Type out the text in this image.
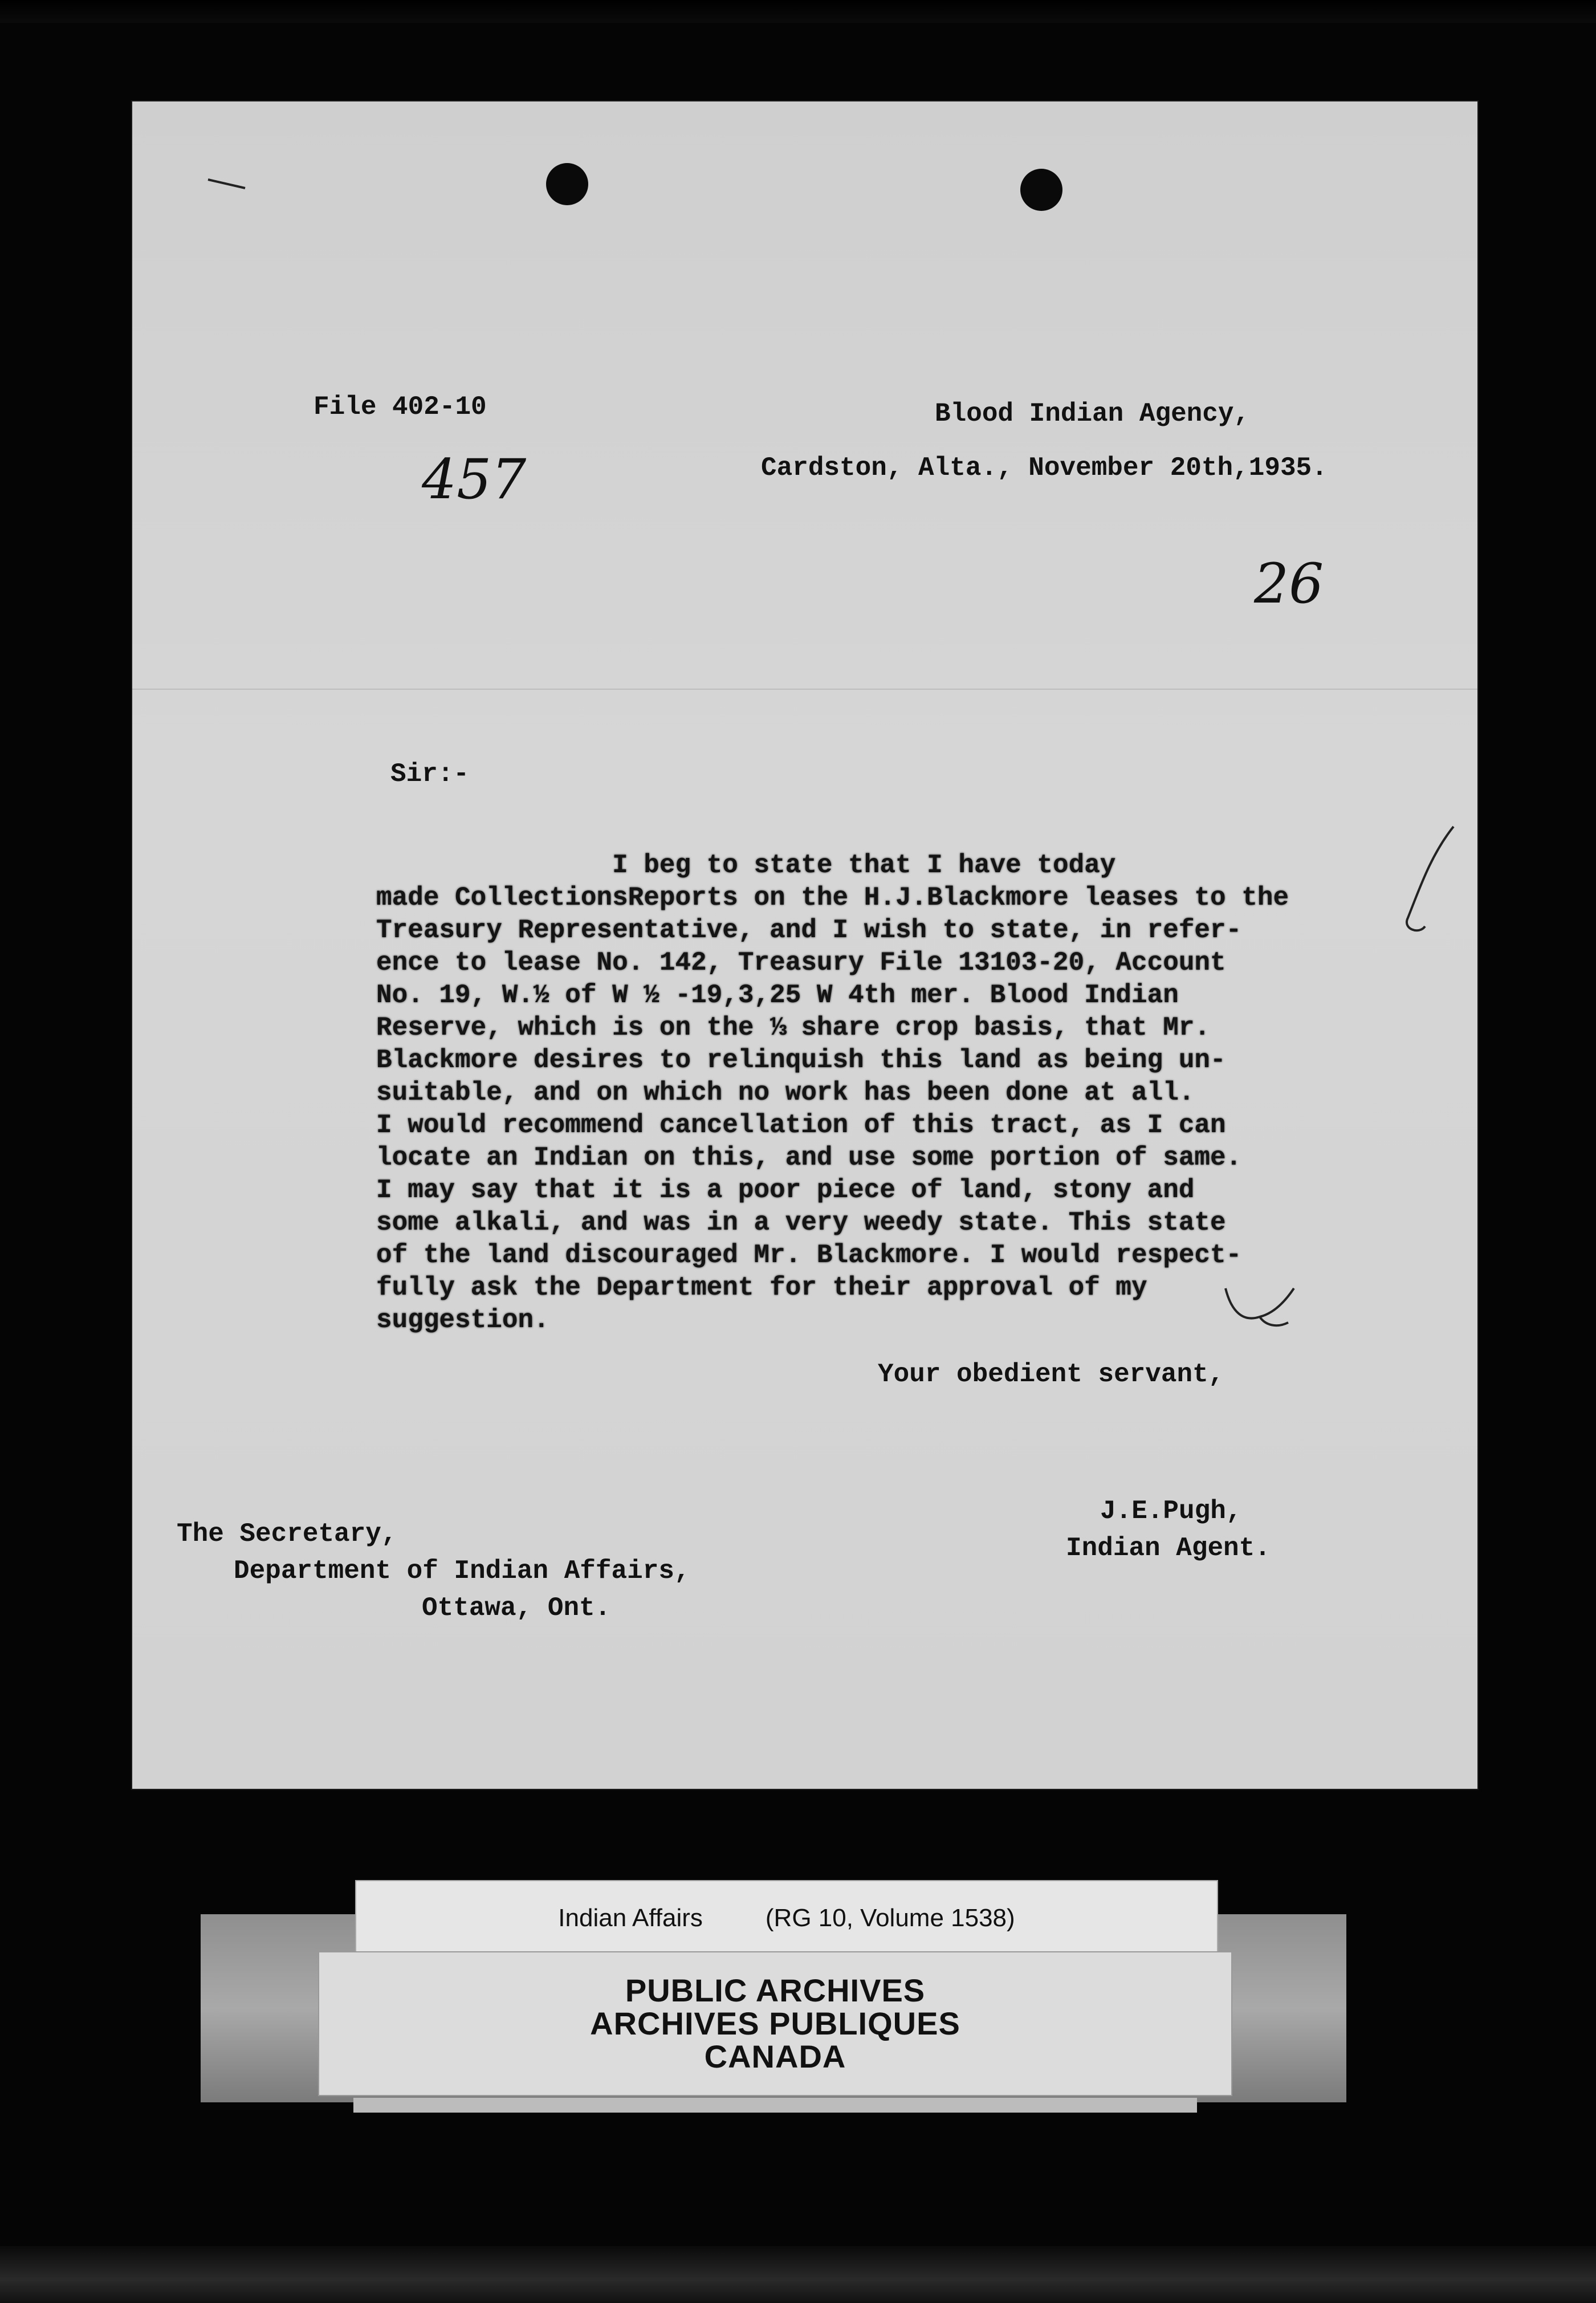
File 402-10
457
Blood Indian Agency,
Cardston, Alta., November 20th,1935.
26
Sir:-
I beg to state that I have today
made CollectionsReports on the H.J.Blackmore leases to the
Treasury Representative, and I wish to state, in refer-
ence to lease No. 142, Treasury File 13103-20, Account
No. 19, W.½ of W ½ -19,3,25 W 4th mer. Blood Indian
Reserve, which is on the ⅓ share crop basis, that Mr.
Blackmore desires to relinquish this land as being un-
suitable, and on which no work has been done at all.
I would recommend cancellation of this tract, as I can
locate an Indian on this, and use some portion of same.
I may say that it is a poor piece of land, stony and
some alkali, and was in a very weedy state. This state
of the land discouraged Mr. Blackmore. I would respect-
fully ask the Department for their approval of my
suggestion.
Your obedient servant,
J.E.Pugh,
Indian Agent.
The Secretary,
Department of Indian Affairs,
Ottawa, Ont.
Indian Affairs	(RG 10, Volume 1538)
PUBLIC ARCHIVES
ARCHIVES PUBLIQUES
CANADA
